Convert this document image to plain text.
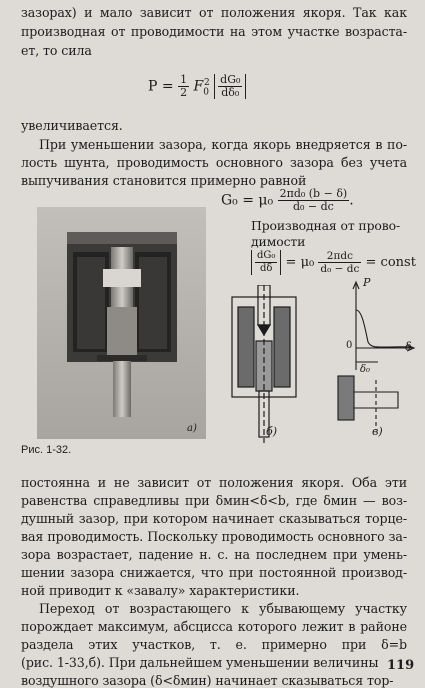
зазорах) и мало зависит от положения якоря. Так как
производная от проводимости на этом участке возраста-
ет, то сила
$P = \frac{1}{2} F_0^2 \frac{\text{dG₀}}{\text{dδ₀}}$
увеличивается.
При уменьшении зазора, когда якорь внедряется в по-
лость шунта, проводимость основного зазора без учета
выпучивания становится примерно равной
$G_0 = \mu_0 \frac{\text{2πd₀ (b − δ)}}{\text{d₀ − dc}}$ .
Производная от прово-
димости
$\frac{\text{dG₀}}{d\delta} = \mu_0 \frac{\text{2πdc}}{\text{d₀ − dc}}$ = const
а)	б)
P
δ
0
δ₀
в)
Рис. 1-32.
постоянна и не зависит от положения якоря. Оба эти
равенства справедливы при δмин<δ<b, где δмин — воз-
душный зазор, при котором начинает сказываться торце-
вая проводимость. Поскольку проводимость основного за-
зора возрастает, падение н. с. на последнем при умень-
шении зазора снижается, что при постоянной производ-
ной приводит к «завалу» характеристики.
Переход от возрастающего к убывающему участку
порождает максимум, абсцисса которого лежит в районе
раздела этих участков, т. е. примерно при δ=b
(рис. 1-33,б). При дальнейшем уменьшении величины
воздушного зазора (δ<δмин) начинает сказываться тор-
119
